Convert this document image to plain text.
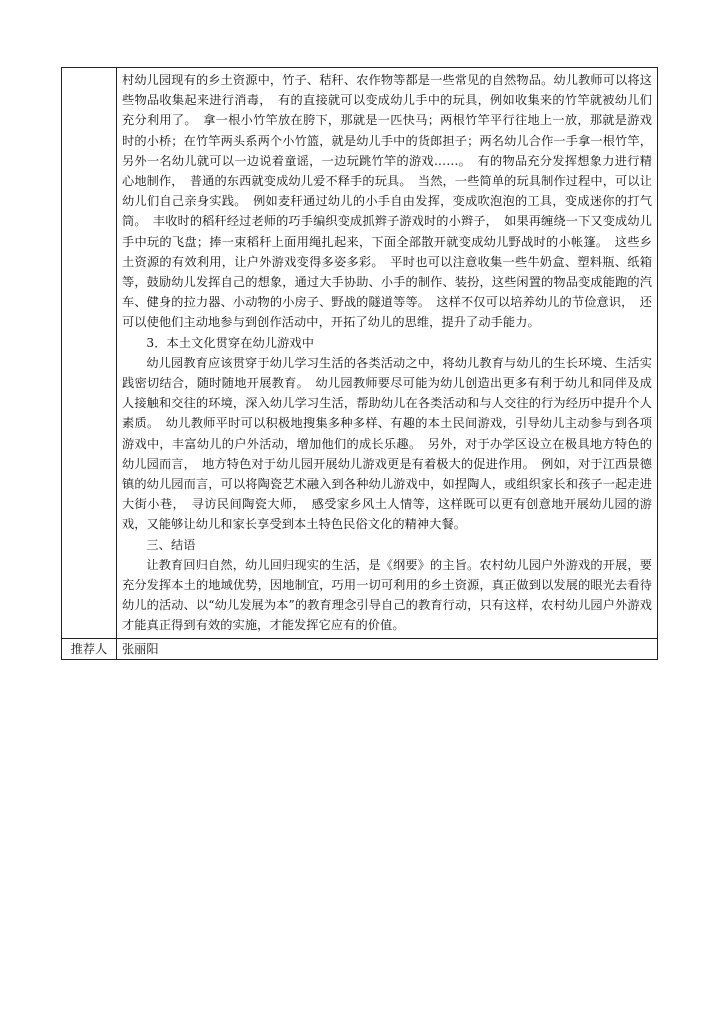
	村幼儿园现有的乡土资源中，竹子、秸秆、农作物等都是一些常见的自然物品。幼儿教师可以将这些物品收集起来进行消毒，　有的直接就可以变成幼儿手中的玩具，例如收集来的竹竿就被幼儿们充分利用了。　拿一根小竹竿放在胯下，那就是一匹快马；两根竹竿平行往地上一放，那就是游戏时的小桥；在竹竿两头系两个小竹篮，就是幼儿手中的货郎担子；两名幼儿合作一手拿一根竹竿，另外一名幼儿就可以一边说着童谣，一边玩跳竹竿的游戏……。　有的物品充分发挥想象力进行精心地制作，　普通的东西就变成幼儿爱不释手的玩具。　当然，一些简单的玩具制作过程中，可以让幼儿们自己亲身实践。　例如麦秆通过幼儿的小手自由发挥，变成吹泡泡的工具，变成迷你的打气筒。　丰收时的稻秆经过老师的巧手编织变成抓辫子游戏时的小辫子，　如果再缠绕一下又变成幼儿手中玩的飞盘；捧一束稻秆上面用绳扎起来，下面全部散开就变成幼儿野战时的小帐篷。　这些乡土资源的有效利用，让户外游戏变得多姿多彩。　平时也可以注意收集一些牛奶盒、塑料瓶、纸箱等，鼓励幼儿发挥自己的想象，通过大手协助、小手的制作、装扮，这些闲置的物品变成能跑的汽车、健身的拉力器、小动物的小房子、野战的隧道等等。　这样不仅可以培养幼儿的节俭意识，　还可以使他们主动地参与到创作活动中，开拓了幼儿的思维，提升了动手能力。

3．本土文化贯穿在幼儿游戏中

幼儿园教育应该贯穿于幼儿学习生活的各类活动之中，将幼儿教育与幼儿的生长环境、生活实践密切结合，随时随地开展教育。　幼儿园教师要尽可能为幼儿创造出更多有利于幼儿和同伴及成人接触和交往的环境，深入幼儿学习生活，帮助幼儿在各类活动和与人交往的行为经历中提升个人素质。　幼儿教师平时可以积极地搜集多种多样、有趣的本土民间游戏，引导幼儿主动参与到各项游戏中，丰富幼儿的户外活动，增加他们的成长乐趣。　另外，对于办学区设立在极具地方特色的幼儿园而言，　地方特色对于幼儿园开展幼儿游戏更是有着极大的促进作用。　例如，对于江西景德镇的幼儿园而言，可以将陶瓷艺术融入到各种幼儿游戏中，如捏陶人，或组织家长和孩子一起走进大街小巷，　寻访民间陶瓷大师，　感受家乡风土人情等，这样既可以更有创意地开展幼儿园的游戏，又能够让幼儿和家长享受到本土特色民俗文化的精神大餐。

三、结语

让教育回归自然，幼儿回归现实的生活，是《纲要》的主旨。农村幼儿园户外游戏的开展，要充分发挥本土的地域优势，因地制宜，巧用一切可利用的乡土资源，真正做到以发展的眼光去看待幼儿的活动、以“幼儿发展为本”的教育理念引导自己的教育行动，只有这样，农村幼儿园户外游戏才能真正得到有效的实施，才能发挥它应有的价值。

推荐人	张丽阳
